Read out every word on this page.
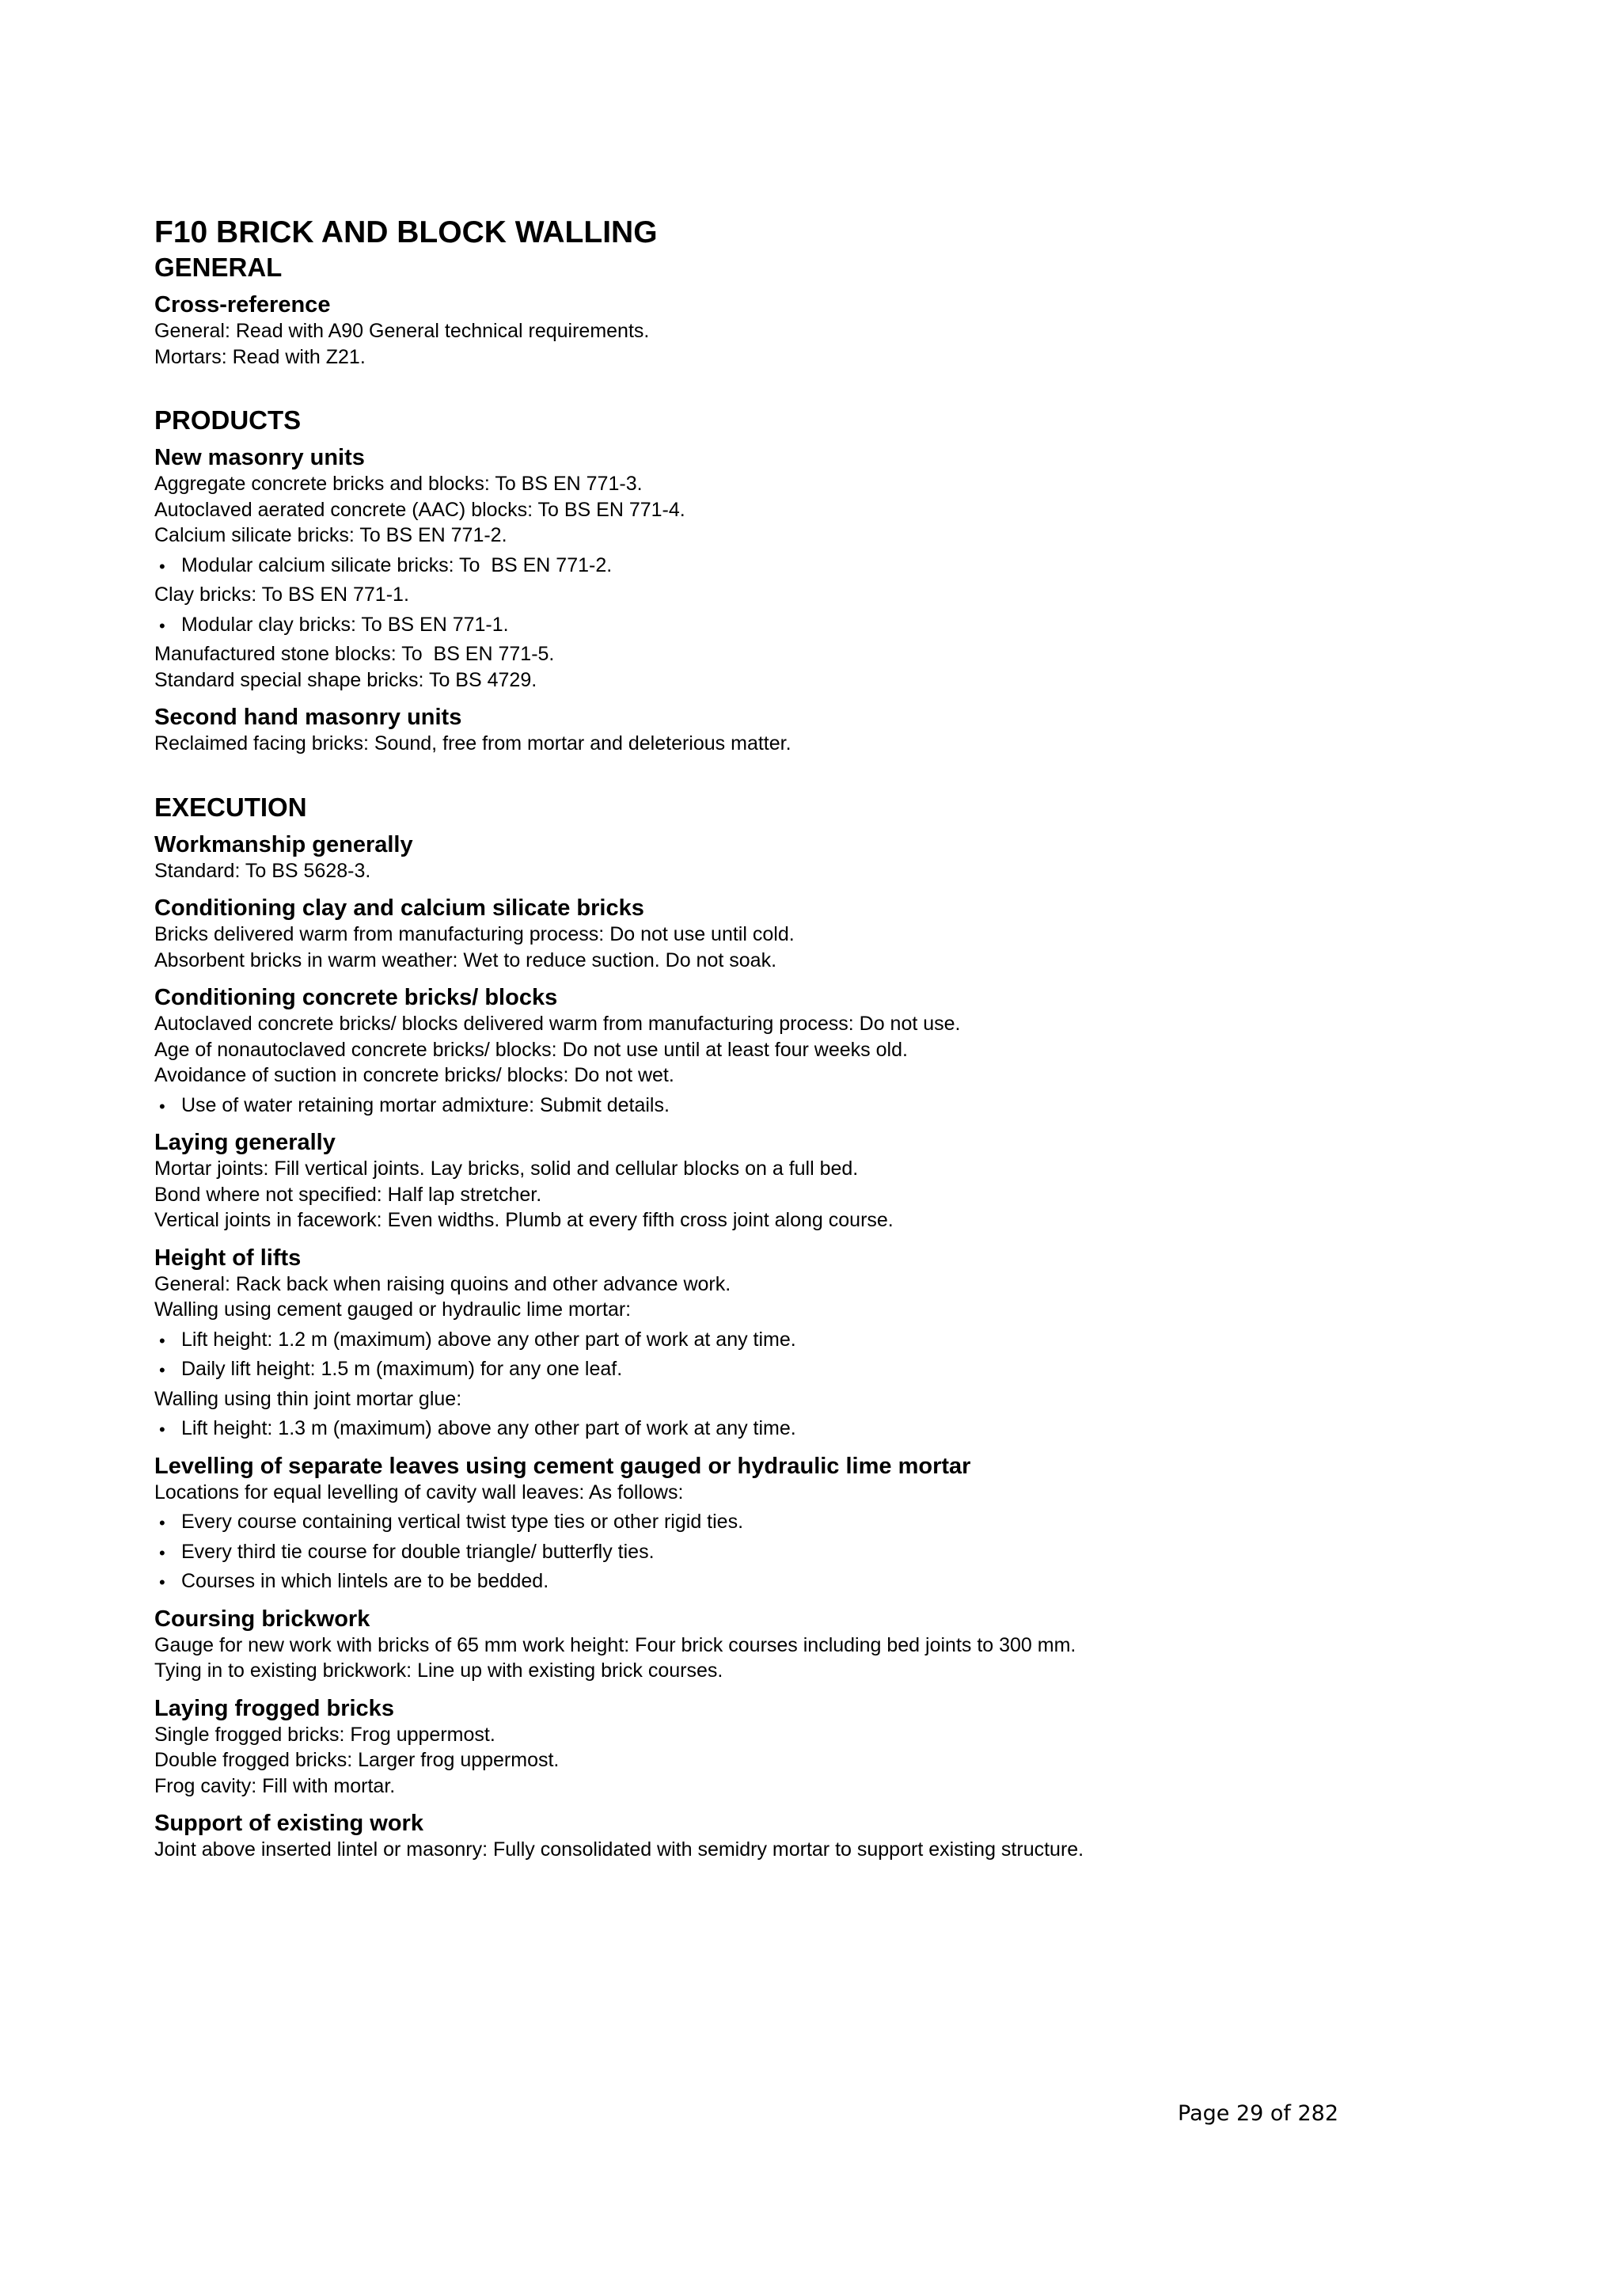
F10 BRICK AND BLOCK WALLING
GENERAL
Cross-reference

General: Read with A90 General technical requirements.

Mortars: Read with Z21.

PRODUCTS
New masonry units

Aggregate concrete bricks and blocks: To BS EN 771-3.

Autoclaved aerated concrete (AAC) blocks: To BS EN 771-4.

Calcium silicate bricks: To BS EN 771-2.

• Modular calcium silicate bricks: To  BS EN 771-2.

Clay bricks: To BS EN 771-1.

• Modular clay bricks: To BS EN 771-1.

Manufactured stone blocks: To  BS EN 771-5.

Standard special shape bricks: To BS 4729.

Second hand masonry units

Reclaimed facing bricks: Sound, free from mortar and deleterious matter.

EXECUTION
Workmanship generally

Standard: To BS 5628-3.

Conditioning clay and calcium silicate bricks

Bricks delivered warm from manufacturing process: Do not use until cold.

Absorbent bricks in warm weather: Wet to reduce suction. Do not soak.

Conditioning concrete bricks/ blocks

Autoclaved concrete bricks/ blocks delivered warm from manufacturing process: Do not use.

Age of nonautoclaved concrete bricks/ blocks: Do not use until at least four weeks old.

Avoidance of suction in concrete bricks/ blocks: Do not wet.

• Use of water retaining mortar admixture: Submit details.

Laying generally

Mortar joints: Fill vertical joints. Lay bricks, solid and cellular blocks on a full bed.

Bond where not specified: Half lap stretcher.

Vertical joints in facework: Even widths. Plumb at every fifth cross joint along course.

Height of lifts

General: Rack back when raising quoins and other advance work.

Walling using cement gauged or hydraulic lime mortar:

• Lift height: 1.2 m (maximum) above any other part of work at any time.

• Daily lift height: 1.5 m (maximum) for any one leaf.

Walling using thin joint mortar glue:

• Lift height: 1.3 m (maximum) above any other part of work at any time.

Levelling of separate leaves using cement gauged or hydraulic lime mortar

Locations for equal levelling of cavity wall leaves: As follows:

• Every course containing vertical twist type ties or other rigid ties.

• Every third tie course for double triangle/ butterfly ties.

• Courses in which lintels are to be bedded.

Coursing brickwork

Gauge for new work with bricks of 65 mm work height: Four brick courses including bed joints to 300 mm.

Tying in to existing brickwork: Line up with existing brick courses.

Laying frogged bricks

Single frogged bricks: Frog uppermost.

Double frogged bricks: Larger frog uppermost.

Frog cavity: Fill with mortar.

Support of existing work

Joint above inserted lintel or masonry: Fully consolidated with semidry mortar to support existing structure.

Page 29 of 282
